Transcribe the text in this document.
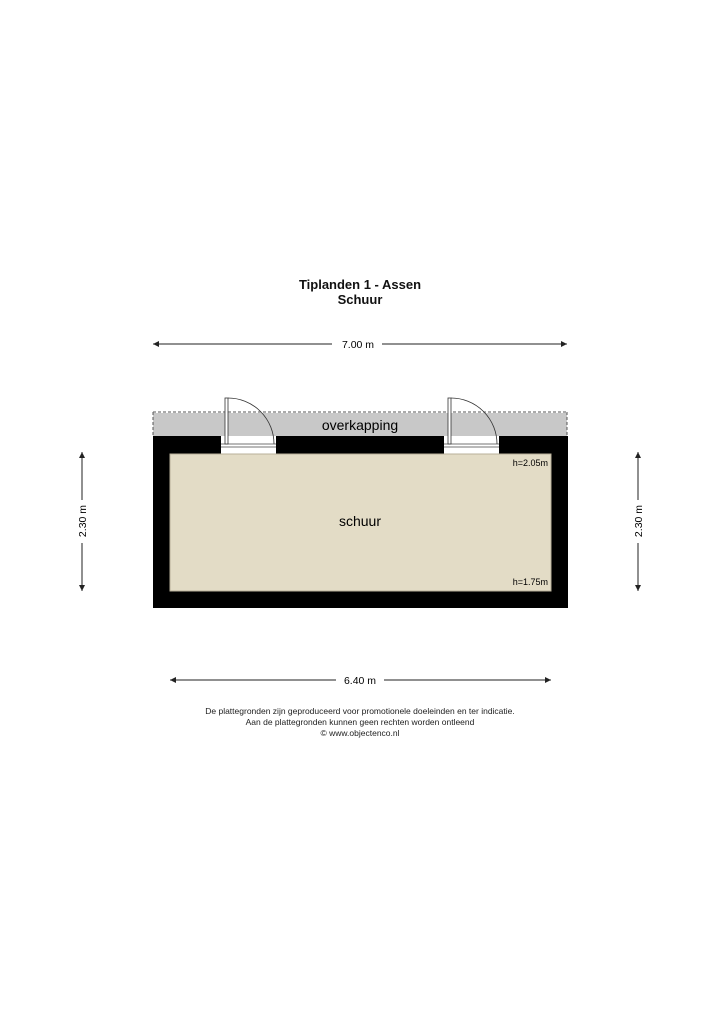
Tiplanden 1 - Assen
Schuur
7.00 m
overkapping
schuur
h=2.05m
h=1.75m
2.30 m	2.30 m
6.40 m
De plattegronden zijn geproduceerd voor promotionele doeleinden en ter indicatie.
Aan de plattegronden kunnen geen rechten worden ontleend
© www.objectenco.nl
